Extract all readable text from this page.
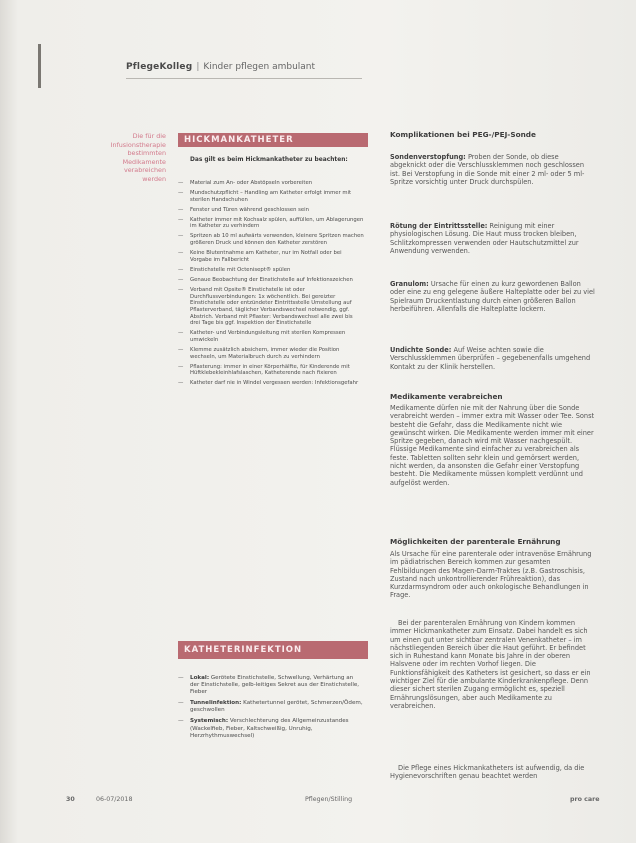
PflegeKolleg | Kinder pflegen ambulant
Die für die Infusionstherapie bestimmten Medikamente verabreichen werden
HICKMANKATHETER
Das gilt es beim Hickmankatheter zu beachten:
— Material zum An- oder Abstöpseln vorbereiten
— Mundschutzpflicht – Handling am Katheter erfolgt immer mit sterilen Handschuhen
— Fenster und Türen während geschlossen sein
— Katheter immer mit Kochsalz spülen, auffüllen, um Ablagerungen im Katheter zu verhindern
— Spritzen ab 10 ml aufwärts verwenden, kleinere Spritzen machen größeren Druck und können den Katheter zerstören
— Keine Blutentnahme am Katheter, nur im Notfall oder bei Vorgabe im Fallbericht
— Einstichstelle mit Octenisept® spülen
— Genaue Beobachtung der Einstichstelle auf Infektionszeichen
— Verband mit Opsite® Einstichstelle ist oder Durchflussverbindungen: 1x wöchentlich. Bei gereizter Einstichstelle oder entzündeter Eintrittsstelle Umstellung auf Pflasterverband, täglicher Verbandswechsel notwendig, ggf. Abstrich. Verband mit Pflaster: Verbandswechsel alle zwei bis drei Tage bis ggf. Inspektion der Einstichstelle
— Katheter- und Verbindungsleitung mit sterilen Kompressen umwickeln
— Klemme zusätzlich absichern, immer wieder die Position wechseln, um Materialbruch durch zu verhindern
— Pflasterung: immer in einer Körperhälfte, für Kinderende mit Hüftklebekleinhlafslaschen, Katheterende nach fixieren
— Katheter darf nie in Windel vergessen werden: Infektionsgefahr
KATHETERINFEKTION
— Lokal: Gerötete Einstichstelle, Schwellung, Verhärtung an der Einstichstelle, gelb-leitiges Sekret aus der Einstichstelle, Fieber
— Tunnelinfektion: Kathetertunnel gerötet, Schmerzen/Ödem, geschwollen
— Systemisch: Verschlechterung des Allgemeinzustandes (Wackelfieb, Fieber, Kaltschweißig, Unruhig, Herzrhythmuswechsel)
Komplikationen bei PEG-/PEJ-Sonde
Sondenverstopfung: Proben der Sonde, ob diese abgeknickt oder die Verschlussklemmen noch geschlossen ist. Bei Verstopfung in die Sonde mit einer 2 ml- oder 5 ml-Spritze vorsichtig unter Druck durchspülen.
Rötung der Eintrittsstelle: Reinigung mit einer physiologischen Lösung. Die Haut muss trocken bleiben, Schlitzkompressen verwenden oder Hautschutzmittel zur Anwendung verwenden.
Granulom: Ursache für einen zu kurz gewordenen Ballon oder eine zu eng gelegene äußere Halteplatte oder bei zu viel Spielraum Druckentlastung durch einen größeren Ballon herbeiführen. Allenfalls die Halteplatte lockern.
Undichte Sonde: Auf Weise achten sowie die Verschlussklemmen überprüfen – gegebenenfalls umgehend Kontakt zu der Klinik herstellen.
Medikamente verabreichen
Medikamente dürfen nie mit der Nahrung über die Sonde verabreicht werden – immer extra mit Wasser oder Tee. Sonst besteht die Gefahr, dass die Medikamente nicht wie gewünscht wirken. Die Medikamente werden immer mit einer Spritze gegeben, danach wird mit Wasser nachgespült. Flüssige Medikamente sind einfacher zu verabreichen als feste. Tabletten sollten sehr klein und gemörsert werden, nicht werden, da ansonsten die Gefahr einer Verstopfung besteht. Die Medikamente müssen komplett verdünnt und aufgelöst werden.
Möglichkeiten der parenterale Ernährung
Als Ursache für eine parenterale oder intravenöse Ernährung im pädiatrischen Bereich kommen zur gesamten Fehlbildungen des Magen-Darm-Traktes (z.B. Gastroschisis, Zustand nach unkontrollierender Frühreaktion), das Kurzdarmsyndrom oder auch onkologische Behandlungen in Frage.
Bei der parenteralen Ernährung von Kindern kommen immer Hickmankatheter zum Einsatz. Dabei handelt es sich um einen gut unter sichtbar zentralen Venenkatheter – im nächstliegenden Bereich über die Haut geführt. Er befindet sich in Ruhestand kann Monate bis Jahre in der oberen Halsvene oder im rechten Vorhof liegen. Die Funktionsfähigkeit des Katheters ist gesichert, so dass er ein wichtiger Ziel für die ambulante Kinderkrankenpflege. Denn dieser sichert sterilen Zugang ermöglicht es, speziell Ernährungslösungen, aber auch Medikamente zu verabreichen.
Die Pflege eines Hickmankatheters ist aufwendig, da die Hygienevorschriften genau beachtet werden
30	06-07/2018	Pflegen/Stilling	pro care
